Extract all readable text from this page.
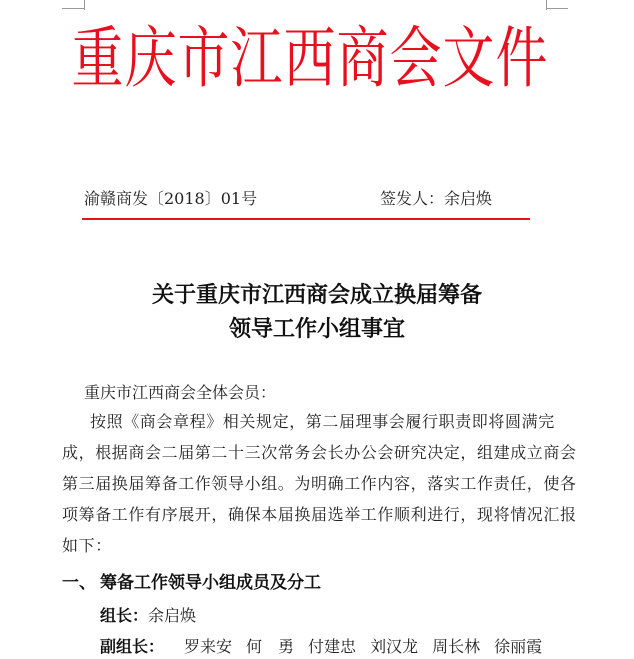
重庆市江西商会文件
渝赣商发〔2018〕01号	签发人：余启焕
关于重庆市江西商会成立换届筹备
领导工作小组事宜
重庆市江西商会全体会员：
按照《商会章程》相关规定，第二届理事会履行职责即将圆满完成，根据商会二届第二十三次常务会长办公会研究决定，组建成立商会第三届换届筹备工作领导小组。为明确工作内容，落实工作责任，使各项筹备工作有序展开，确保本届换届选举工作顺利进行，现将情况汇报如下：
一、 筹备工作领导小组成员及分工
组长：余启焕
副组长： 罗来安 何　勇 付建忠 刘汉龙 周长林 徐丽霞
